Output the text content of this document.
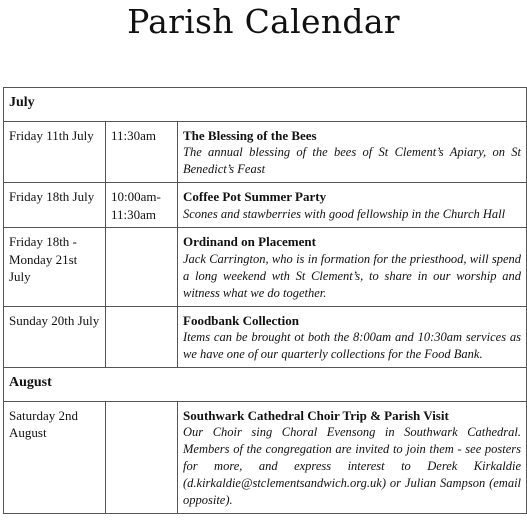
Parish Calendar
July		
Friday 11th July	11:30am	The Blessing of the Bees
The annual blessing of the bees of St Clement’s Apiary, on St Benedict’s Feast

Friday 18th July	10:00am-11:30am	Coffee Pot Summer Party
Scones and stawberries with good fellowship in the Church Hall

Friday 18th - Monday 21st July		Ordinand on Placement
Jack Carrington, who is in formation for the priesthood, will spend a long weekend wth St Clement’s, to share in our worship and witness what we do together.

Sunday 20th July		Foodbank Collection
Items can be brought ot both the 8:00am and 10:30am services as we have one of our quarterly collections for the Food Bank.

August		
Saturday 2nd August		Southwark Cathedral Choir Trip & Parish Visit
Our Choir sing Choral Evensong in Southwark Cathedral. Members of the congregation are invited to join them - see posters for more, and express interest to Derek Kirkaldie (d.kirkaldie@stclementsandwich.org.uk) or Julian Sampson (email opposite).
